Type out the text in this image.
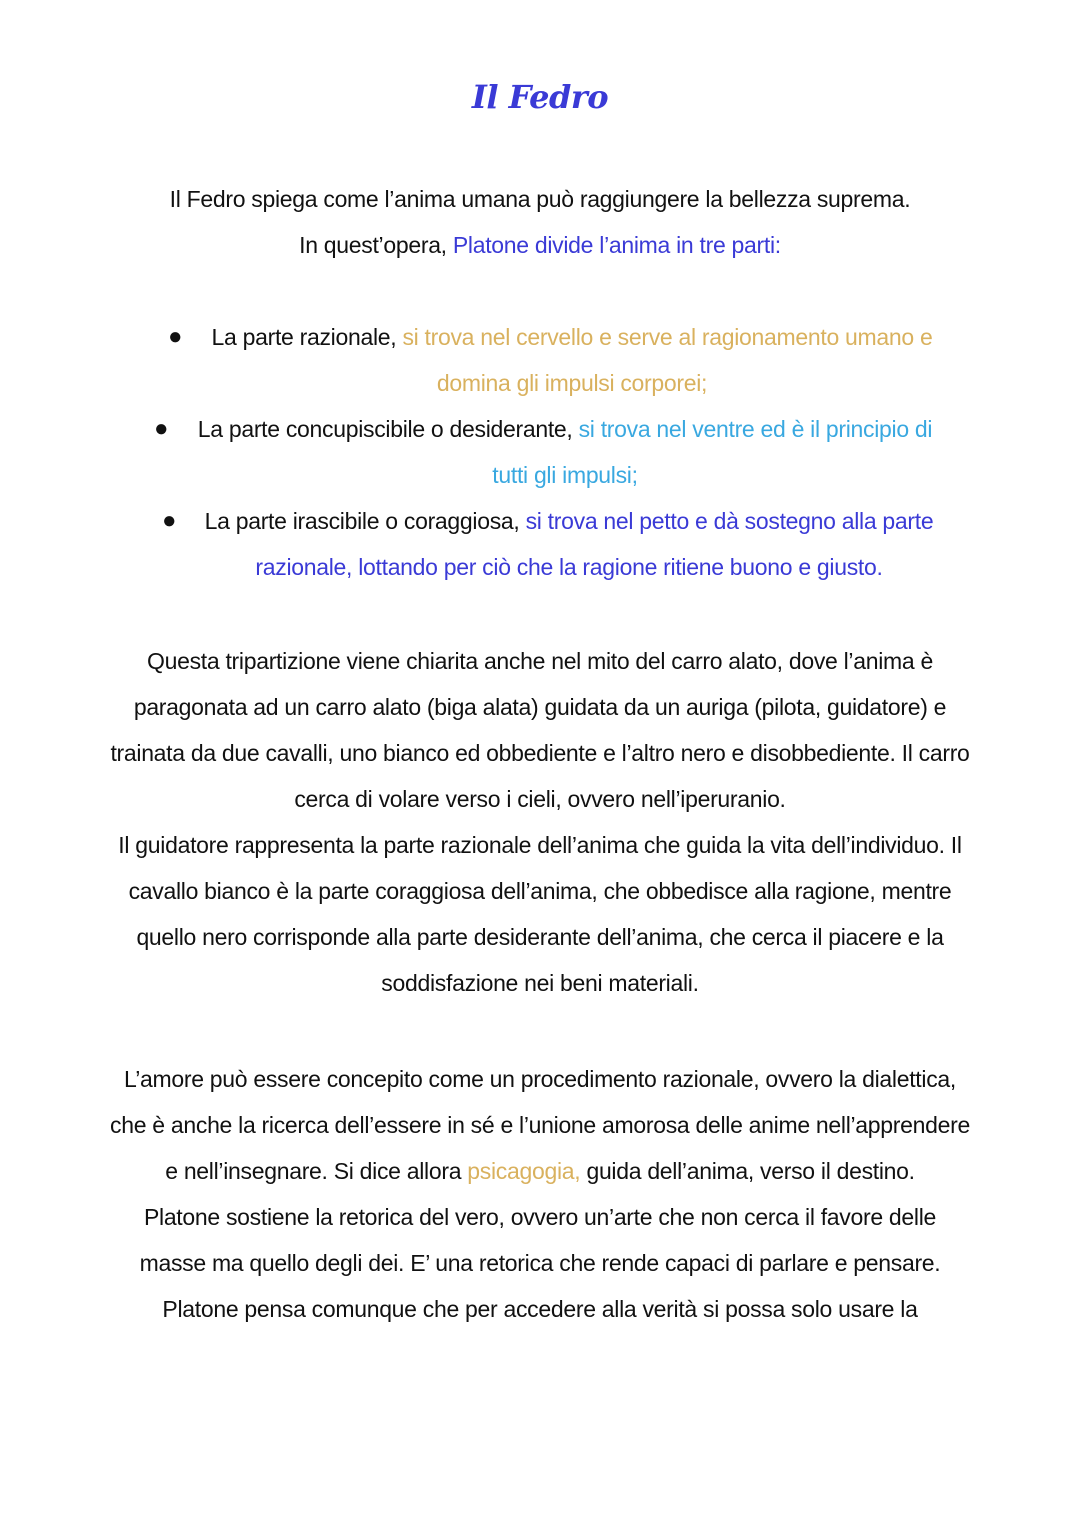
Il Fedro

Il Fedro spiega come l’anima umana può raggiungere la bellezza suprema.
In quest’opera, Platone divide l’anima in tre parti:

●	La parte razionale, si trova nel cervello e serve al ragionamento umano e domina gli impulsi corporei;
●	La parte concupiscibile o desiderante, si trova nel ventre ed è il principio di tutti gli impulsi;
●	La parte irascibile o coraggiosa, si trova nel petto e dà sostegno alla parte razionale, lottando per ciò che la ragione ritiene buono e giusto.

Questa tripartizione viene chiarita anche nel mito del carro alato, dove l’anima è paragonata ad un carro alato (biga alata) guidata da un auriga (pilota, guidatore) e trainata da due cavalli, uno bianco ed obbediente e l’altro nero e disobbediente. Il carro cerca di volare verso i cieli, ovvero nell’iperuranio.
Il guidatore rappresenta la parte razionale dell’anima che guida la vita dell’individuo. Il cavallo bianco è la parte coraggiosa dell’anima, che obbedisce alla ragione, mentre quello nero corrisponde alla parte desiderante dell’anima, che cerca il piacere e la soddisfazione nei beni materiali.

L’amore può essere concepito come un procedimento razionale, ovvero la dialettica, che è anche la ricerca dell’essere in sé e l’unione amorosa delle anime nell’apprendere e nell’insegnare. Si dice allora psicagogia, guida dell’anima, verso il destino.
Platone sostiene la retorica del vero, ovvero un’arte che non cerca il favore delle masse ma quello degli dei. E’ una retorica che rende capaci di parlare e pensare.
Platone pensa comunque che per accedere alla verità si possa solo usare la
